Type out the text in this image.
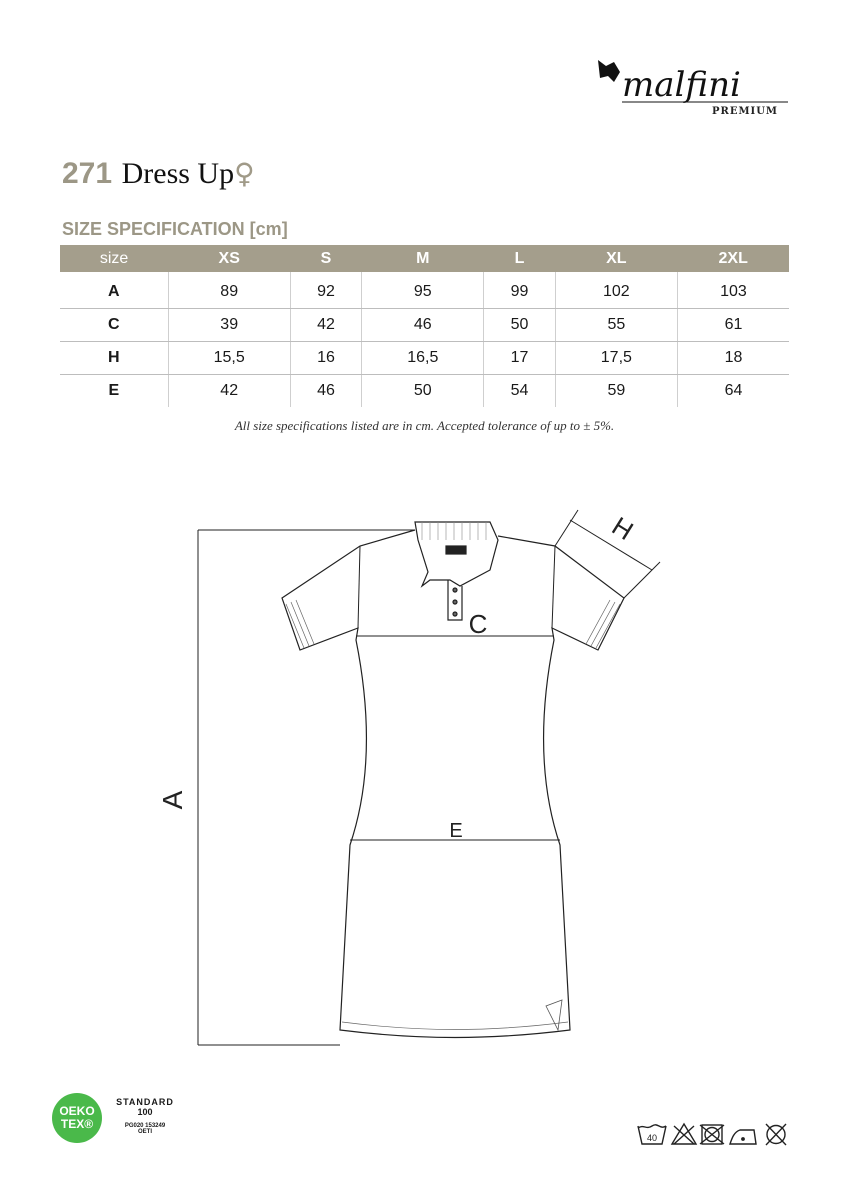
malfini
PREMIUM
271 Dress Up♀
SIZE SPECIFICATION [cm]
size	XS	S	M	L	XL	2XL
A	89	92	95	99	102	103
C	39	42	46	50	55	61
H	15,5	16	16,5	17	17,5	18
E	42	46	50	54	59	64
All size specifications listed are in cm. Accepted tolerance of up to ± 5%.
A
C
E
H
OEKO
TEX®
STANDARD
100
PG020 153249
OETI
40
